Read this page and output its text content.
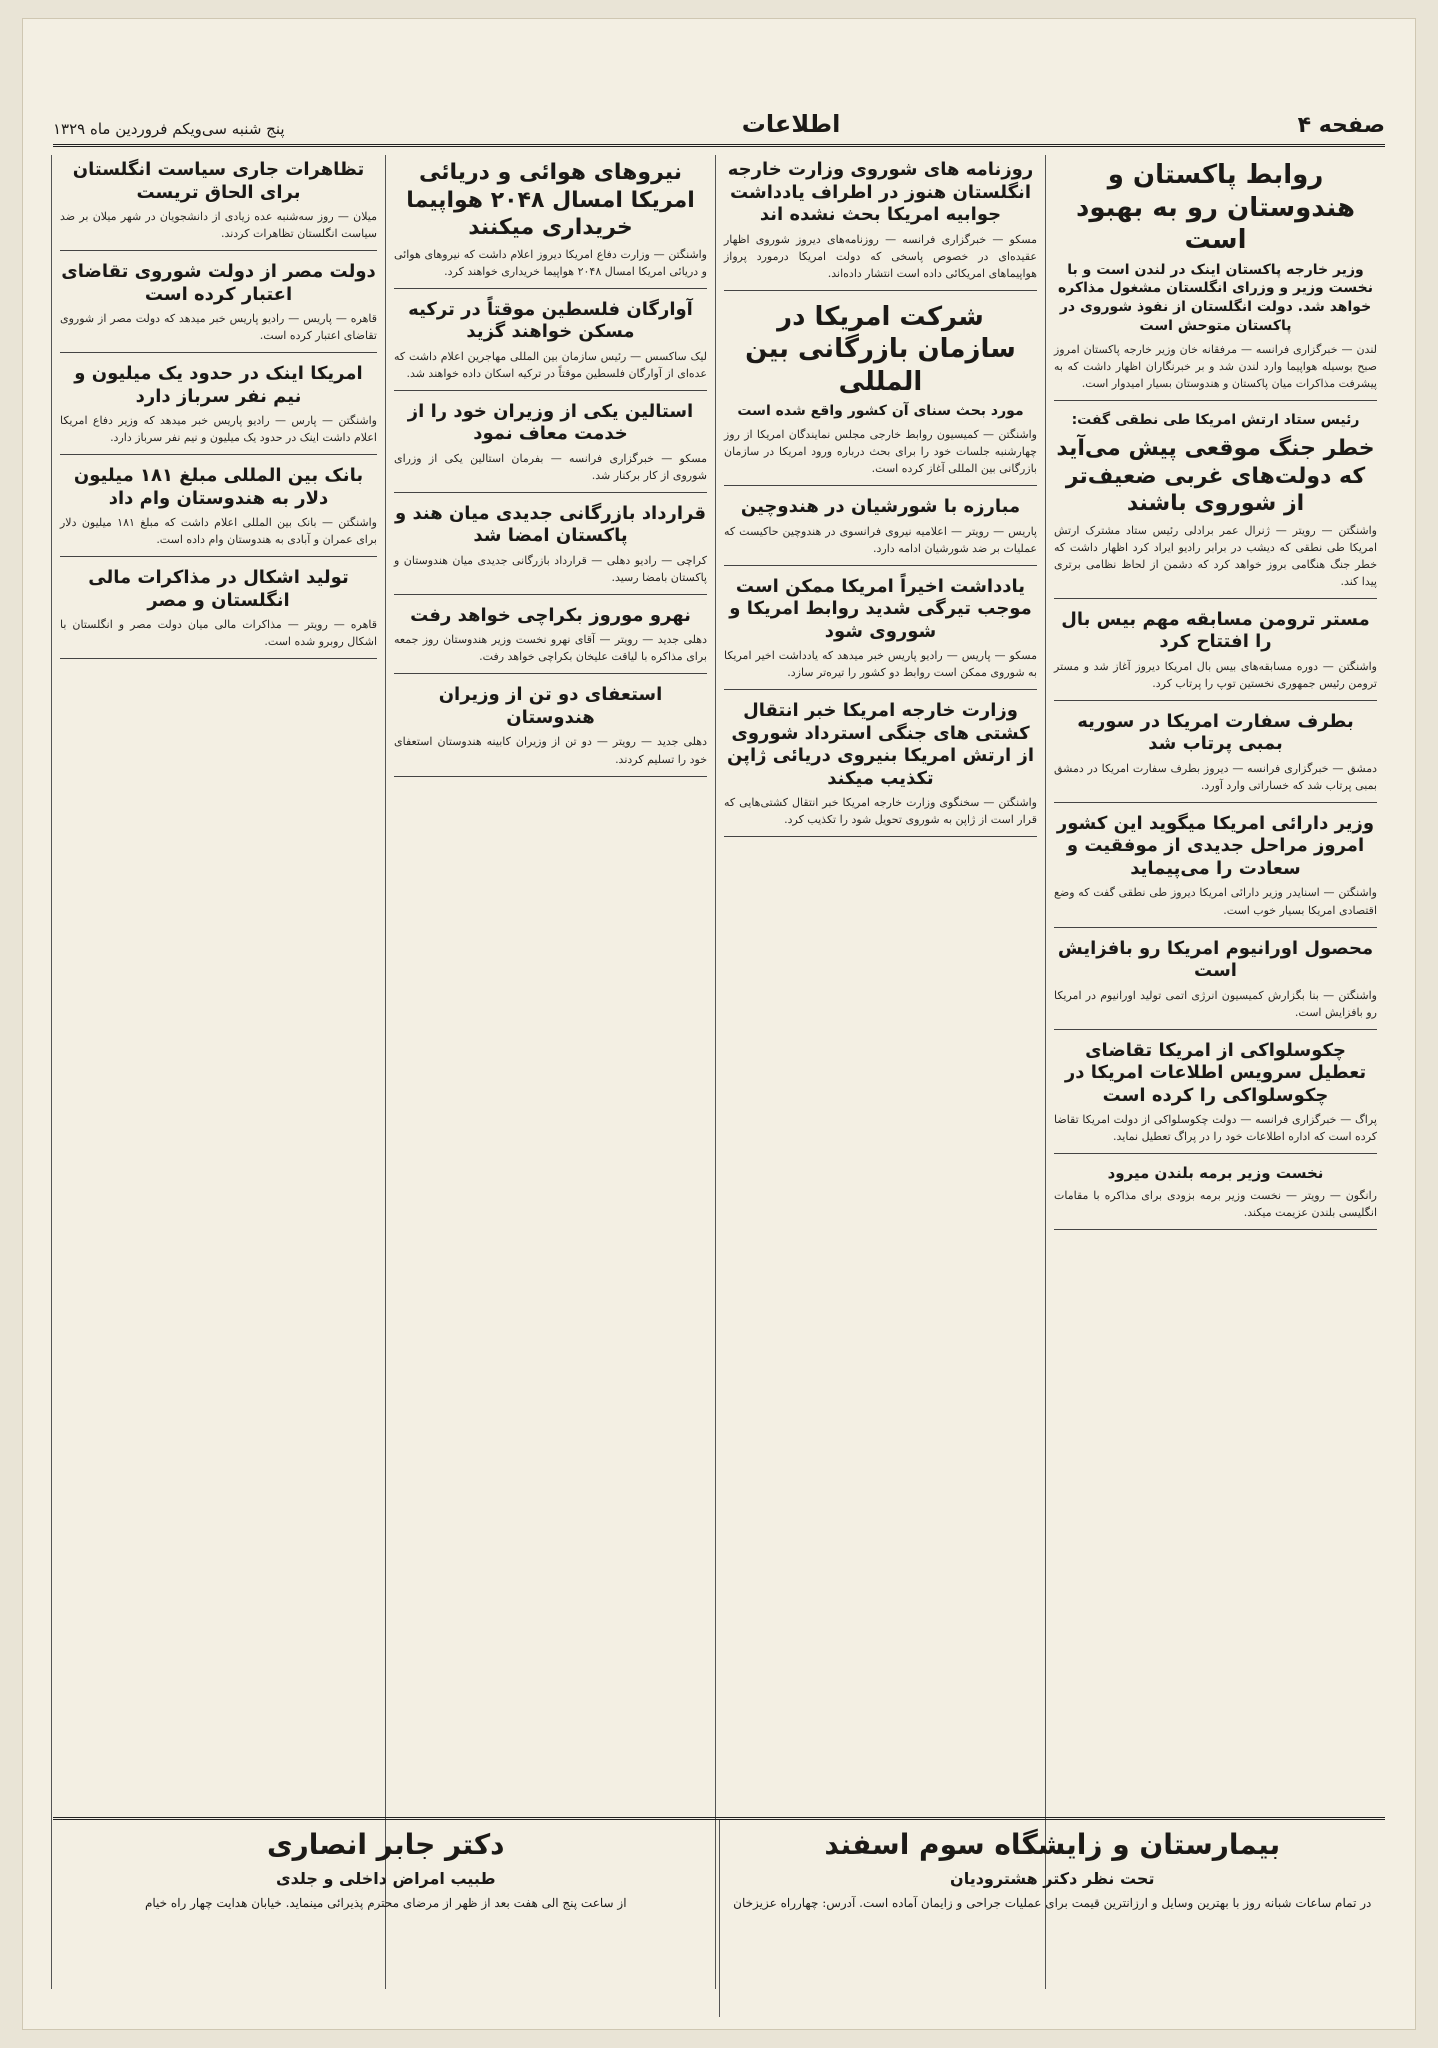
صفحه ۴
اطلاعات
پنج شنبه سی‌ویکم فروردین ماه ۱۳۲۹
روابط پاکستان و هندوستان رو به بهبود است
وزیر خارجه پاکستان اینک در لندن است و با نخست وزیر و وزرای انگلستان مشغول مذاکره خواهد شد. دولت انگلستان از نفوذ شوروی در پاکستان متوحش است
لندن — خبرگزاری فرانسه — مرفقانه خان وزیر خارجه پاکستان امروز صبح بوسیله هواپیما وارد لندن شد و بر خبرنگاران اظهار داشت که به پیشرفت مذاکرات میان پاکستان و هندوستان بسیار امیدوار است.
رئیس ستاد ارتش امریکا طی نطقی گفت:
خطر جنگ موقعی پیش می‌آید که دولت‌های غربی ضعیف‌تر از شوروی باشند
واشنگتن — رویتر — ژنرال عمر برادلی رئیس ستاد مشترک ارتش امریکا طی نطقی که دیشب در برابر رادیو ایراد کرد اظهار داشت که خطر جنگ هنگامی بروز خواهد کرد که دشمن از لحاظ نظامی برتری پیدا کند.
مستر ترومن مسابقه مهم بیس بال را افتتاح کرد
واشنگتن — دوره مسابقه‌های بیس بال امریکا دیروز آغاز شد و مستر ترومن رئیس جمهوری نخستین توپ را پرتاب کرد.
بطرف سفارت امریکا در سوریه بمبی پرتاب شد
دمشق — خبرگزاری فرانسه — دیروز بطرف سفارت امریکا در دمشق بمبی پرتاب شد که خساراتی وارد آورد.
وزیر دارائی امریکا میگوید این کشور امروز مراحل جدیدی از موفقیت و سعادت را می‌پیماید
واشنگتن — اسنایدر وزیر دارائی امریکا دیروز طی نطقی گفت که وضع اقتصادی امریکا بسیار خوب است.
محصول اورانیوم امریکا رو بافزایش است
واشنگتن — بنا بگزارش کمیسیون انرژی اتمی تولید اورانیوم در امریکا رو بافزایش است.
چکوسلواکی از امریکا تقاضای تعطیل سرویس اطلاعات امریکا در چکوسلواکی را کرده است
پراگ — خبرگزاری فرانسه — دولت چکوسلواکی از دولت امریکا تقاضا کرده است که اداره اطلاعات خود را در پراگ تعطیل نماید.
نخست وزیر برمه بلندن میرود
رانگون — رویتر — نخست وزیر برمه بزودی برای مذاکره با مقامات انگلیسی بلندن عزیمت میکند.
روزنامه های شوروی وزارت خارجه انگلستان هنوز در اطراف یادداشت جوابیه امریکا بحث نشده اند
مسکو — خبرگزاری فرانسه — روزنامه‌های دیروز شوروی اظهار عقیده‌ای در خصوص پاسخی که دولت امریکا درمورد پرواز هواپیماهای امریکائی داده است انتشار داده‌اند.
شرکت امریکا در سازمان بازرگانی بین المللی
مورد بحث سنای آن کشور واقع شده است
واشنگتن — کمیسیون روابط خارجی مجلس نمایندگان امریکا از روز چهارشنبه جلسات خود را برای بحث درباره ورود امریکا در سازمان بازرگانی بین المللی آغاز کرده است.
مبارزه با شورشیان در هندوچین
پاریس — رویتر — اعلامیه نیروی فرانسوی در هندوچین حاکیست که عملیات بر ضد شورشیان ادامه دارد.
یادداشت اخیراً امریکا ممکن است موجب تیرگی شدید روابط امریکا و شوروی شود
مسکو — پاریس — رادیو پاریس خبر میدهد که یادداشت اخیر امریکا به شوروی ممکن است روابط دو کشور را تیره‌تر سازد.
وزارت خارجه امریکا خبر انتقال کشتی های جنگی استرداد شوروی از ارتش امریکا بنیروی دریائی ژاپن تکذیب میکند
واشنگتن — سخنگوی وزارت خارجه امریکا خبر انتقال کشتی‌هایی که قرار است از ژاپن به شوروی تحویل شود را تکذیب کرد.
نیروهای هوائی و دریائی امریکا امسال ۲۰۴۸ هواپیما خریداری میکنند
واشنگتن — وزارت دفاع امریکا دیروز اعلام داشت که نیروهای هوائی و دریائی امریکا امسال ۲۰۴۸ هواپیما خریداری خواهند کرد.
آوارگان فلسطین موقتاً در ترکیه مسکن خواهند گزید
لیک ساکسس — رئیس سازمان بین المللی مهاجرین اعلام داشت که عده‌ای از آوارگان فلسطین موقتاً در ترکیه اسکان داده خواهند شد.
استالین یکی از وزیران خود را از خدمت معاف نمود
مسکو — خبرگزاری فرانسه — بفرمان استالین یکی از وزرای شوروی از کار برکنار شد.
قرارداد بازرگانی جدیدی میان هند و پاکستان امضا شد
کراچی — رادیو دهلی — قرارداد بازرگانی جدیدی میان هندوستان و پاکستان بامضا رسید.
نهرو موروز بکراچی خواهد رفت
دهلی جدید — رویتر — آقای نهرو نخست وزیر هندوستان روز جمعه برای مذاکره با لیاقت علیخان بکراچی خواهد رفت.
استعفای دو تن از وزیران هندوستان
دهلی جدید — رویتر — دو تن از وزیران کابینه هندوستان استعفای خود را تسلیم کردند.
تظاهرات جاری سیاست انگلستان برای الحاق تریست
میلان — روز سه‌شنبه عده زیادی از دانشجویان در شهر میلان بر ضد سیاست انگلستان تظاهرات کردند.
دولت مصر از دولت شوروی تقاضای اعتبار کرده است
قاهره — پاریس — رادیو پاریس خبر میدهد که دولت مصر از شوروی تقاضای اعتبار کرده است.
امریکا اینک در حدود یک میلیون و نیم نفر سرباز دارد
واشنگتن — پارس — رادیو پاریس خبر میدهد که وزیر دفاع امریکا اعلام داشت اینک در حدود یک میلیون و نیم نفر سرباز دارد.
بانک بین المللی مبلغ ۱۸۱ میلیون دلار به هندوستان وام داد
واشنگتن — بانک بین المللی اعلام داشت که مبلغ ۱۸۱ میلیون دلار برای عمران و آبادی به هندوستان وام داده است.
توليد اشکال در مذاکرات مالی انگلستان و مصر
قاهره — رویتر — مذاکرات مالی میان دولت مصر و انگلستان با اشکال روبرو شده است.
بیمارستان و زایشگاه سوم اسفند
تحت نظر دکتر هشترودیان
در تمام ساعات شبانه روز با بهترین وسایل و ارزانترین قیمت برای عملیات جراحی و زایمان آماده است. آدرس: چهارراه عزیزخان
دکتر جابر انصاری
طبیب امراض داخلی و جلدی
از ساعت پنج الی هفت بعد از ظهر از مرضای محترم پذیرائی مینماید. خیابان هدایت چهار راه خیام
